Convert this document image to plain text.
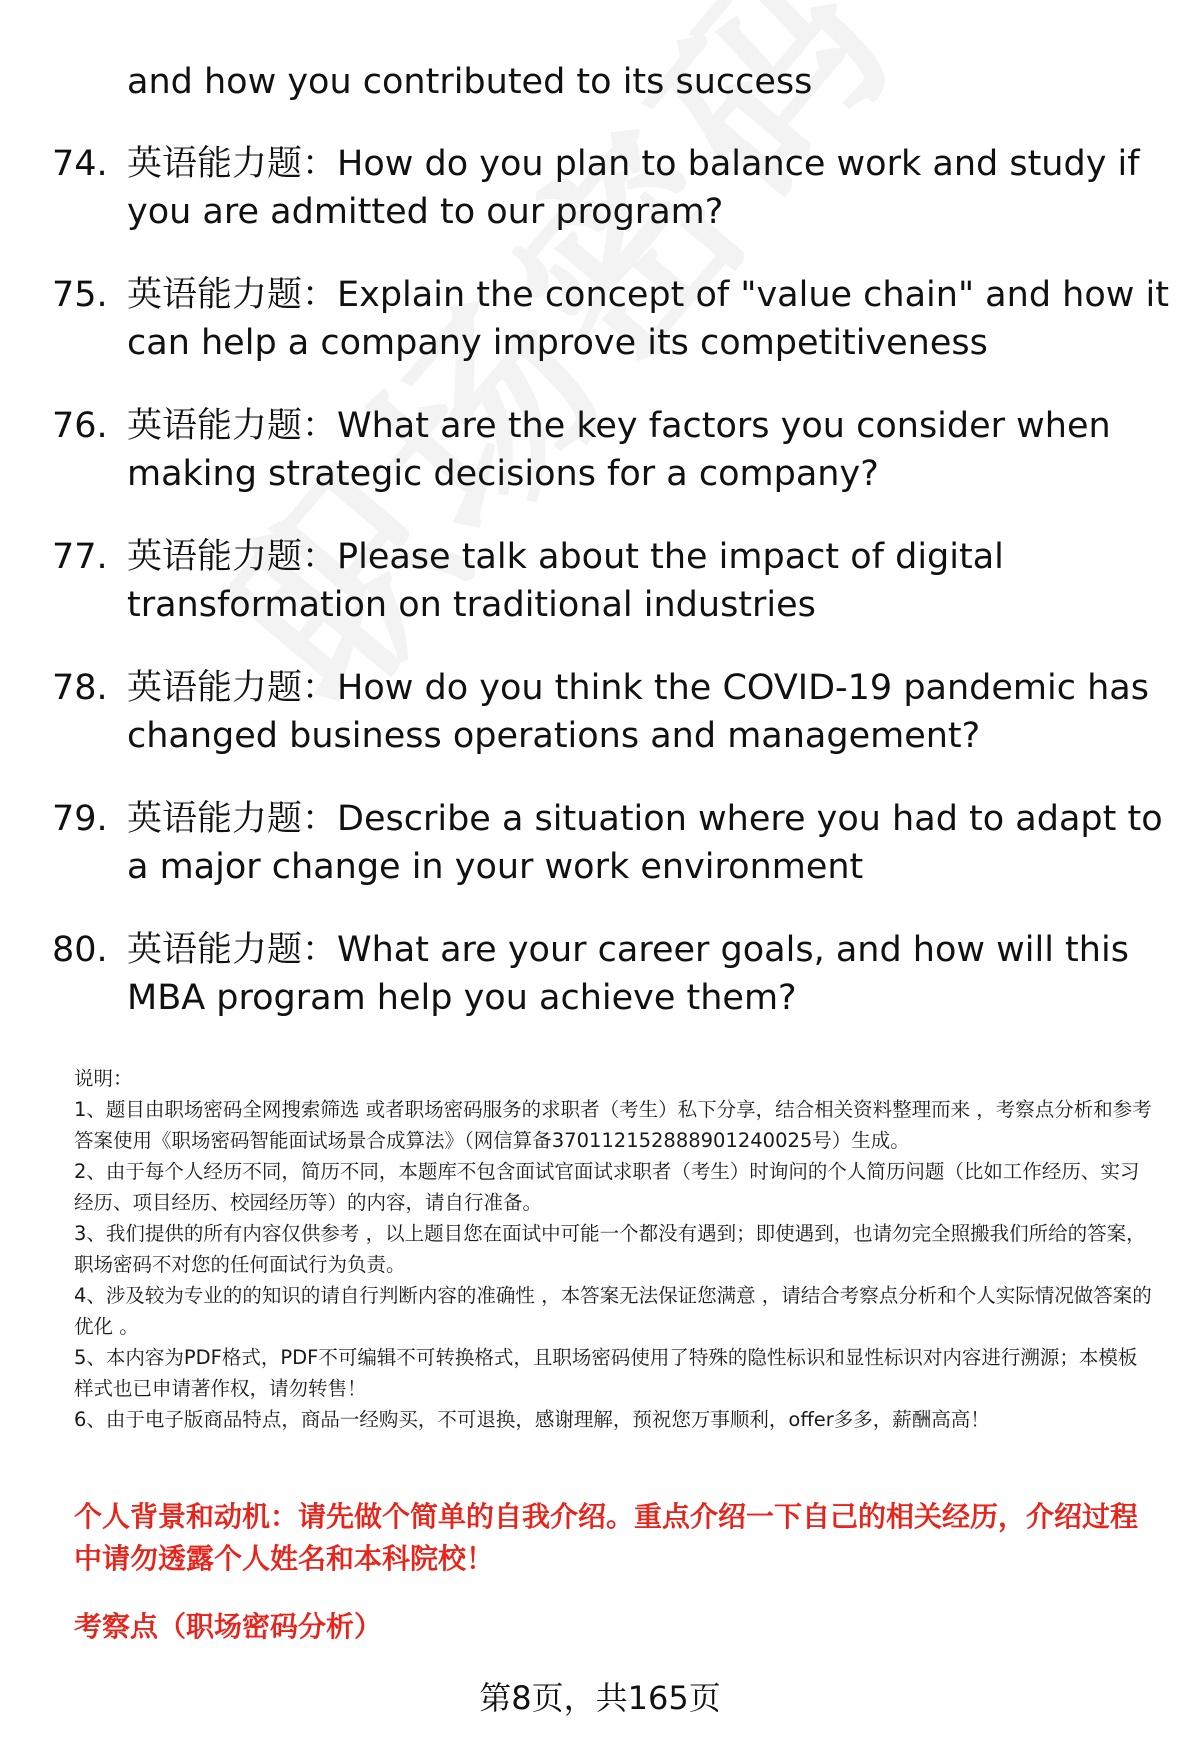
and how you contributed to its success
74. 英语能力题：How do you plan to balance work and study if you are admitted to our program?
75. 英语能力题：Explain the concept of "value chain" and how it can help a company improve its competitiveness
76. 英语能力题：What are the key factors you consider when making strategic decisions for a company?
77. 英语能力题：Please talk about the impact of digital transformation on traditional industries
78. 英语能力题：How do you think the COVID-19 pandemic has changed business operations and management?
79. 英语能力题：Describe a situation where you had to adapt to a major change in your work environment
80. 英语能力题：What are your career goals, and how will this MBA program help you achieve them?
说明：
1、题目由职场密码全网搜索筛选 或者职场密码服务的求职者（考生）私下分享，结合相关资料整理而来 ，考察点分析和参考答案使用《职场密码智能面试场景合成算法》（网信算备370112152888901240025号）生成。
2、由于每个人经历不同，简历不同，本题库不包含面试官面试求职者（考生）时询问的个人简历问题（比如工作经历、实习经历、项目经历、校园经历等）的内容，请自行准备。
3、我们提供的所有内容仅供参考 ，以上题目您在面试中可能一个都没有遇到；即使遇到，也请勿完全照搬我们所给的答案，职场密码不对您的任何面试行为负责。
4、涉及较为专业的的知识的请自行判断内容的准确性 ，本答案无法保证您满意 ，请结合考察点分析和个人实际情况做答案的优化 。
5、本内容为PDF格式，PDF不可编辑不可转换格式，且职场密码使用了特殊的隐性标识和显性标识对内容进行溯源；本模板样式也已申请著作权，请勿转售！
6、由于电子版商品特点，商品一经购买，不可退换，感谢理解，预祝您万事顺利，offer多多，薪酬高高！
个人背景和动机：请先做个简单的自我介绍。重点介绍一下自己的相关经历，介绍过程中请勿透露个人姓名和本科院校！
考察点（职场密码分析）
第8页，共165页
